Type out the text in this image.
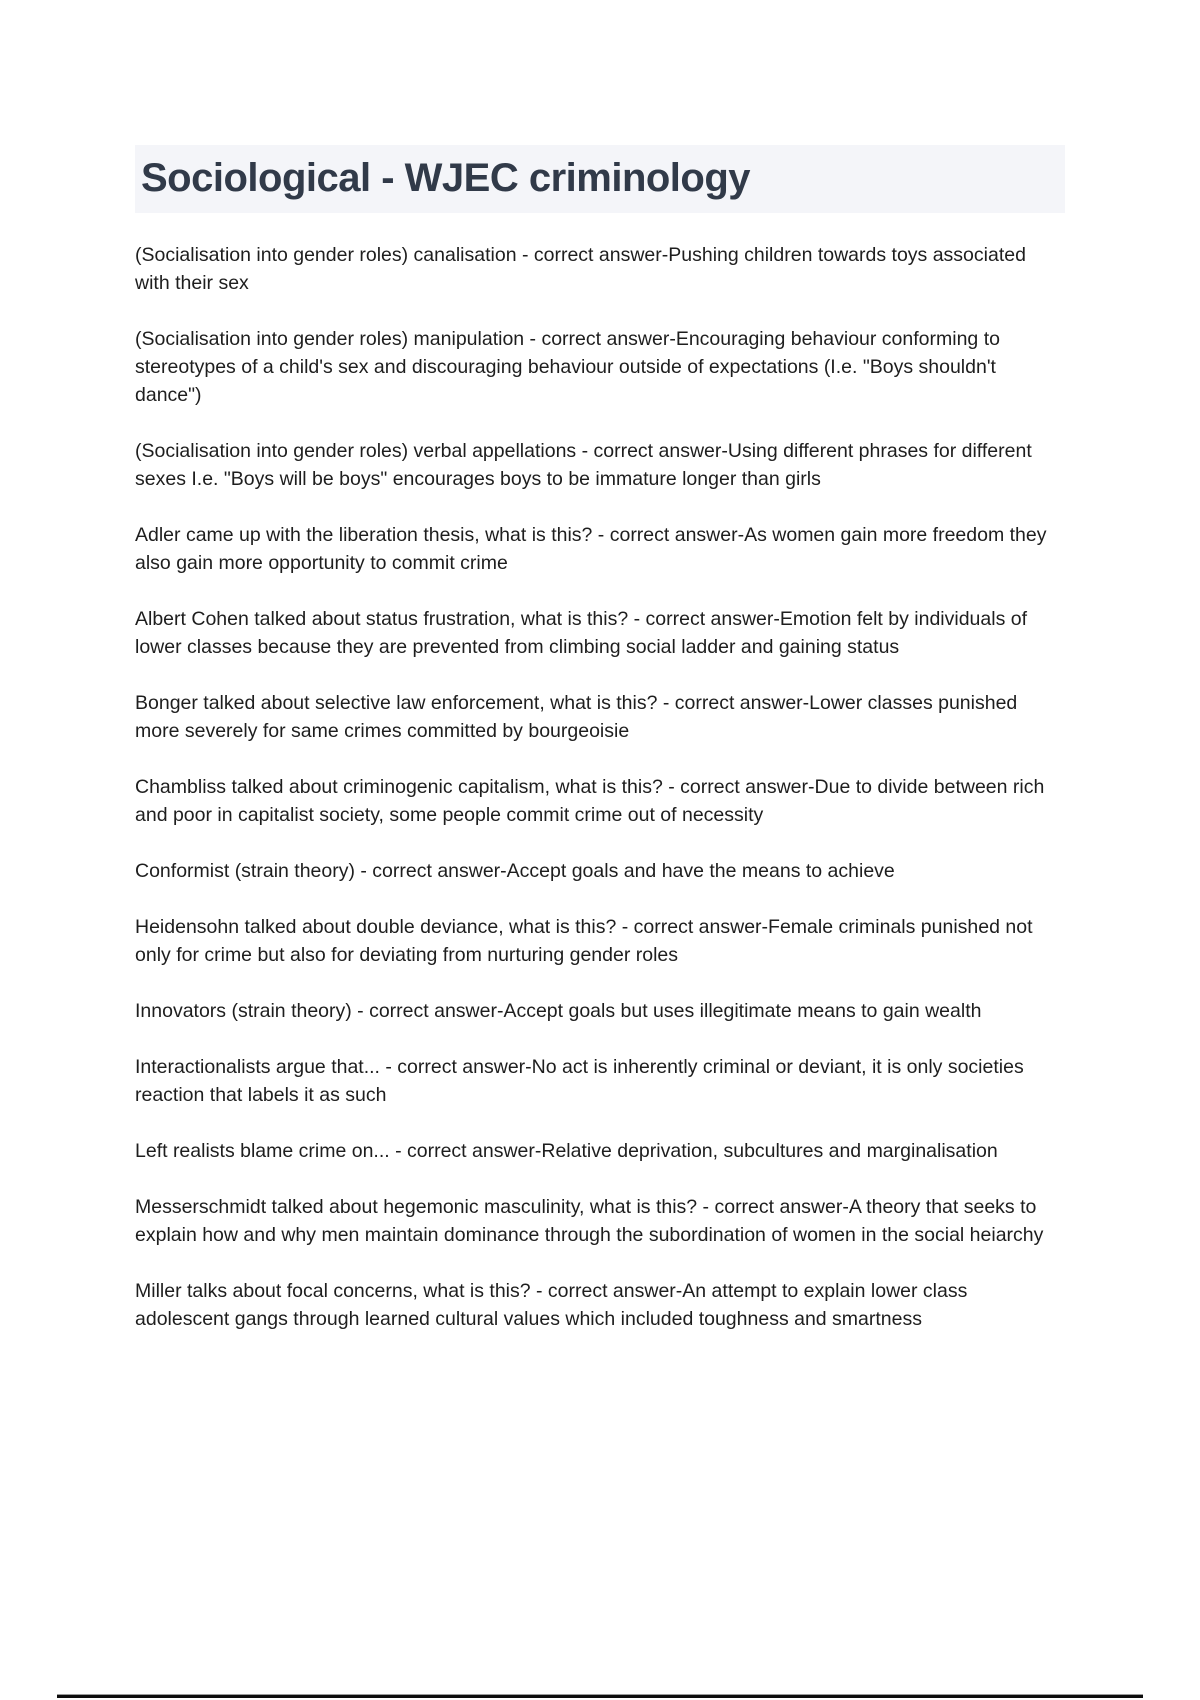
Sociological - WJEC criminology

(Socialisation into gender roles) canalisation - correct answer-Pushing children towards toys associated with their sex

(Socialisation into gender roles) manipulation - correct answer-Encouraging behaviour conforming to stereotypes of a child's sex and discouraging behaviour outside of expectations (I.e. "Boys shouldn't dance")

(Socialisation into gender roles) verbal appellations - correct answer-Using different phrases for different sexes I.e. "Boys will be boys" encourages boys to be immature longer than girls

Adler came up with the liberation thesis, what is this? - correct answer-As women gain more freedom they also gain more opportunity to commit crime

Albert Cohen talked about status frustration, what is this? - correct answer-Emotion felt by individuals of lower classes because they are prevented from climbing social ladder and gaining status

Bonger talked about selective law enforcement, what is this? - correct answer-Lower classes punished more severely for same crimes committed by bourgeoisie

Chambliss talked about criminogenic capitalism, what is this? - correct answer-Due to divide between rich and poor in capitalist society, some people commit crime out of necessity

Conformist (strain theory) - correct answer-Accept goals and have the means to achieve

Heidensohn talked about double deviance, what is this? - correct answer-Female criminals punished not only for crime but also for deviating from nurturing gender roles

Innovators (strain theory) - correct answer-Accept goals but uses illegitimate means to gain wealth

Interactionalists argue that... - correct answer-No act is inherently criminal or deviant, it is only societies reaction that labels it as such

Left realists blame crime on... - correct answer-Relative deprivation, subcultures and marginalisation

Messerschmidt talked about hegemonic masculinity, what is this? - correct answer-A theory that seeks to explain how and why men maintain dominance through the subordination of women in the social heiarchy

Miller talks about focal concerns, what is this? - correct answer-An attempt to explain lower class adolescent gangs through learned cultural values which included toughness and smartness
